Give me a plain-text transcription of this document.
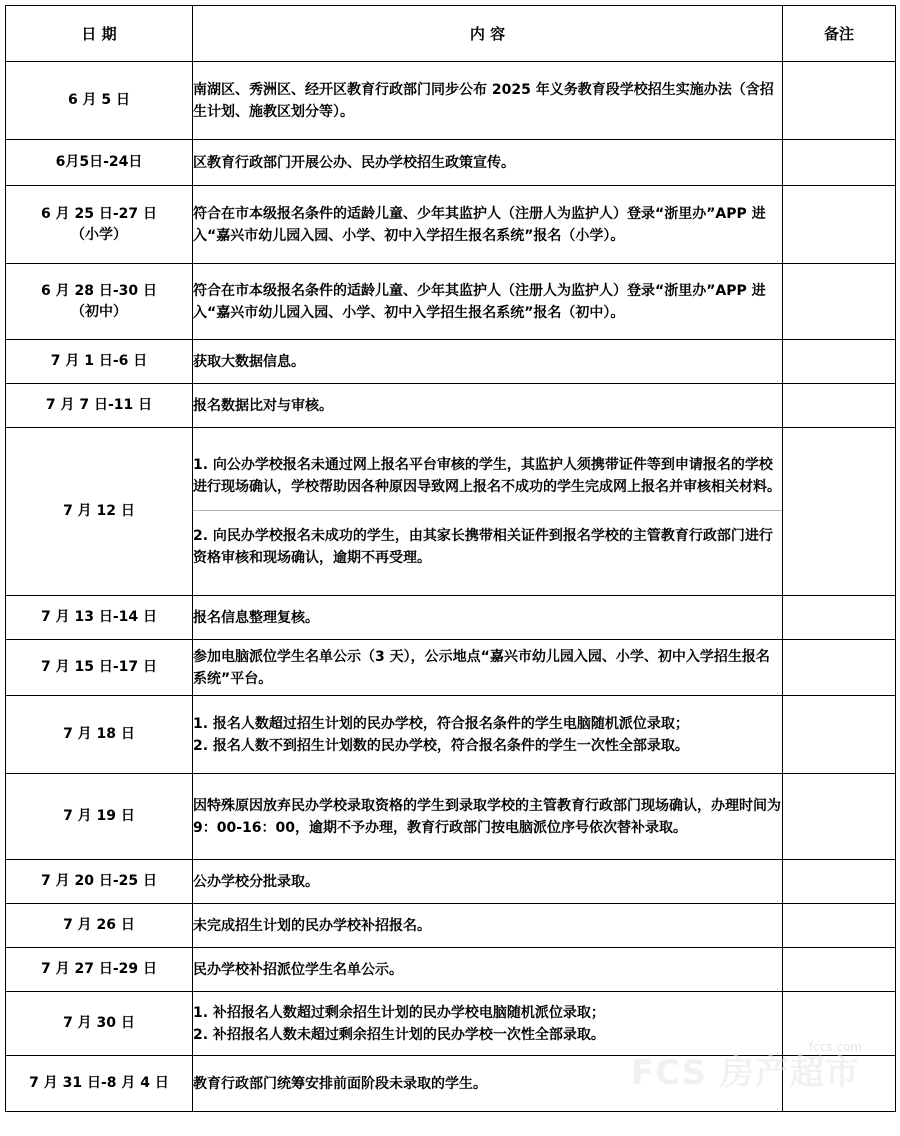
日 期	内 容	备注

6 月 5 日	南湖区、秀洲区、经开区教育行政部门同步公布 2025 年义务教育段学校招生实施办法（含招生计划、施教区划分等）。	

6月5日-24日	区教育行政部门开展公办、民办学校招生政策宣传。	

6 月 25 日-27 日
（小学）	符合在市本级报名条件的适龄儿童、少年其监护人（注册人为监护人）登录“浙里办”APP 进入“嘉兴市幼儿园入园、小学、初中入学招生报名系统”报名（小学）。	

6 月 28 日-30 日
（初中）	符合在市本级报名条件的适龄儿童、少年其监护人（注册人为监护人）登录“浙里办”APP 进入“嘉兴市幼儿园入园、小学、初中入学招生报名系统”报名（初中）。	

7 月 1 日-6 日	获取大数据信息。	

7 月 7 日-11 日	报名数据比对与审核。	

7 月 12 日	1. 向公办学校报名未通过网上报名平台审核的学生，其监护人须携带证件等到申请报名的学校进行现场确认，学校帮助因各种原因导致网上报名不成功的学生完成网上报名并审核相关材料。
2. 向民办学校报名未成功的学生，由其家长携带相关证件到报名学校的主管教育行政部门进行资格审核和现场确认，逾期不再受理。	

7 月 13 日-14 日	报名信息整理复核。	

7 月 15 日-17 日	参加电脑派位学生名单公示（3 天），公示地点“嘉兴市幼儿园入园、小学、初中入学招生报名系统”平台。	

7 月 18 日	1. 报名人数超过招生计划的民办学校，符合报名条件的学生电脑随机派位录取；
2. 报名人数不到招生计划数的民办学校，符合报名条件的学生一次性全部录取。	

7 月 19 日	因特殊原因放弃民办学校录取资格的学生到录取学校的主管教育行政部门现场确认，办理时间为 9：00-16：00，逾期不予办理，教育行政部门按电脑派位序号依次替补录取。	

7 月 20 日-25 日	公办学校分批录取。	

7 月 26 日	未完成招生计划的民办学校补招报名。	

7 月 27 日-29 日	民办学校补招派位学生名单公示。	

7 月 30 日	1. 补招报名人数超过剩余招生计划的民办学校电脑随机派位录取；
2. 补招报名人数未超过剩余招生计划的民办学校一次性全部录取。	

7 月 31 日-8 月 4 日	教育行政部门统筹安排前面阶段未录取的学生。	
		FCS 房产超市
fccs.com
